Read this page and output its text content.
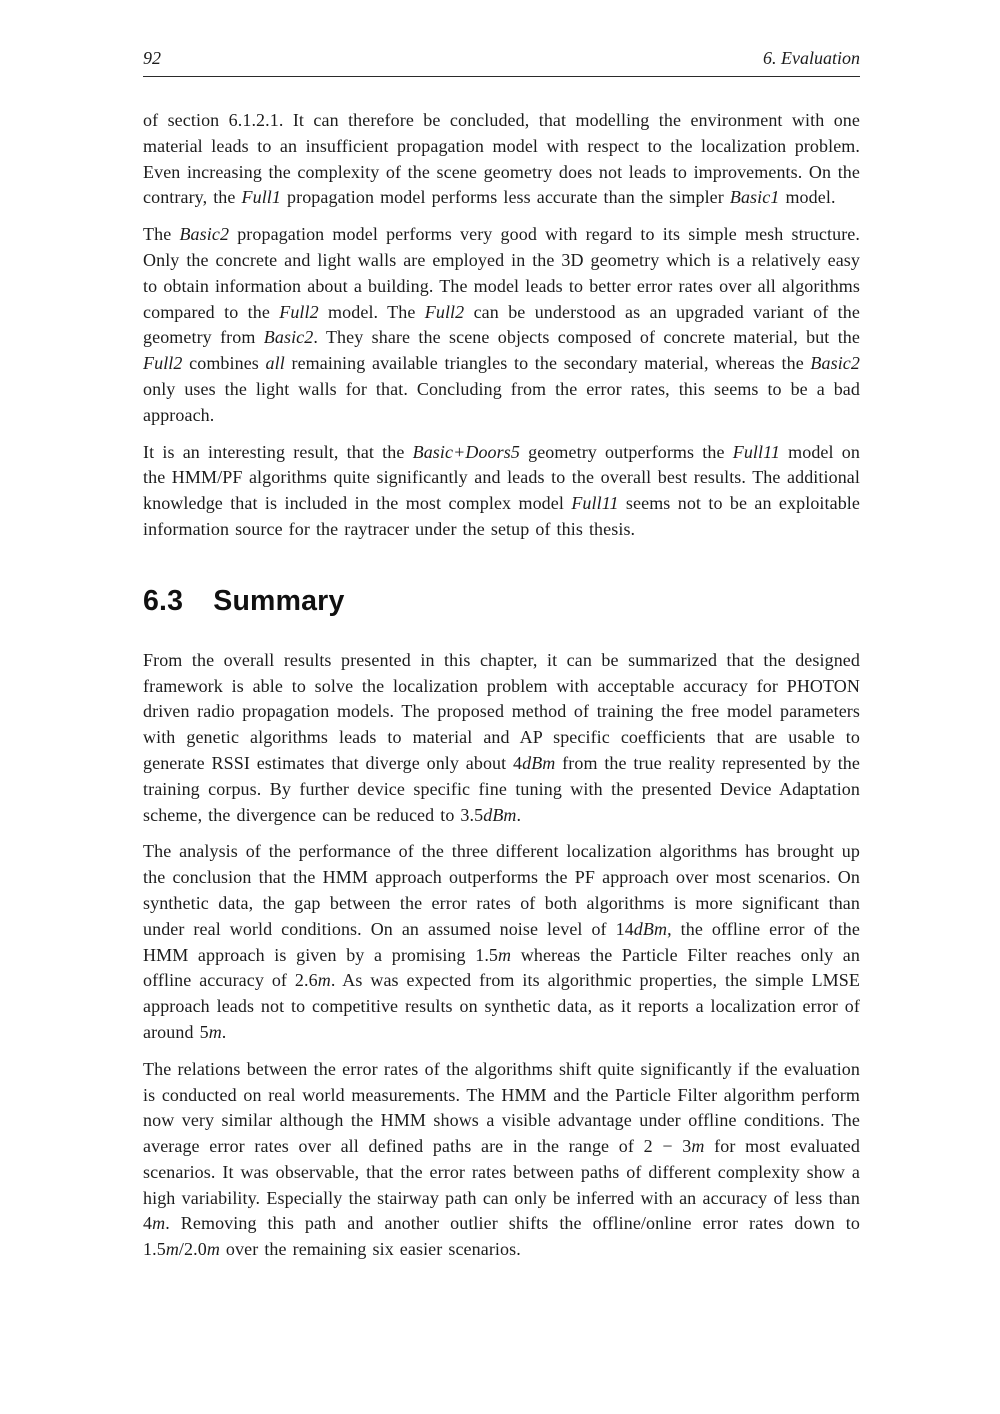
92	6. Evaluation

of section 6.1.2.1. It can therefore be concluded, that modelling the environment with one material leads to an insufficient propagation model with respect to the localization problem. Even increasing the complexity of the scene geometry does not leads to improvements. On the contrary, the Full1 propagation model performs less accurate than the simpler Basic1 model.

The Basic2 propagation model performs very good with regard to its simple mesh structure. Only the concrete and light walls are employed in the 3D geometry which is a relatively easy to obtain information about a building. The model leads to better error rates over all algorithms compared to the Full2 model. The Full2 can be understood as an upgraded variant of the geometry from Basic2. They share the scene objects composed of concrete material, but the Full2 combines all remaining available triangles to the secondary material, whereas the Basic2 only uses the light walls for that. Concluding from the error rates, this seems to be a bad approach.

It is an interesting result, that the Basic+Doors5 geometry outperforms the Full11 model on the HMM/PF algorithms quite significantly and leads to the overall best results. The additional knowledge that is included in the most complex model Full11 seems not to be an exploitable information source for the raytracer under the setup of this thesis.

6.3 Summary

From the overall results presented in this chapter, it can be summarized that the designed framework is able to solve the localization problem with acceptable accuracy for PHOTON driven radio propagation models. The proposed method of training the free model parameters with genetic algorithms leads to material and AP specific coefficients that are usable to generate RSSI estimates that diverge only about 4dBm from the true reality represented by the training corpus. By further device specific fine tuning with the presented Device Adaptation scheme, the divergence can be reduced to 3.5dBm.

The analysis of the performance of the three different localization algorithms has brought up the conclusion that the HMM approach outperforms the PF approach over most scenarios. On synthetic data, the gap between the error rates of both algorithms is more significant than under real world conditions. On an assumed noise level of 14dBm, the offline error of the HMM approach is given by a promising 1.5m whereas the Particle Filter reaches only an offline accuracy of 2.6m. As was expected from its algorithmic properties, the simple LMSE approach leads not to competitive results on synthetic data, as it reports a localization error of around 5m.

The relations between the error rates of the algorithms shift quite significantly if the evaluation is conducted on real world measurements. The HMM and the Particle Filter algorithm perform now very similar although the HMM shows a visible advantage under offline conditions. The average error rates over all defined paths are in the range of 2 − 3m for most evaluated scenarios. It was observable, that the error rates between paths of different complexity show a high variability. Especially the stairway path can only be inferred with an accuracy of less than 4m. Removing this path and another outlier shifts the offline/online error rates down to 1.5m/2.0m over the remaining six easier scenarios.
